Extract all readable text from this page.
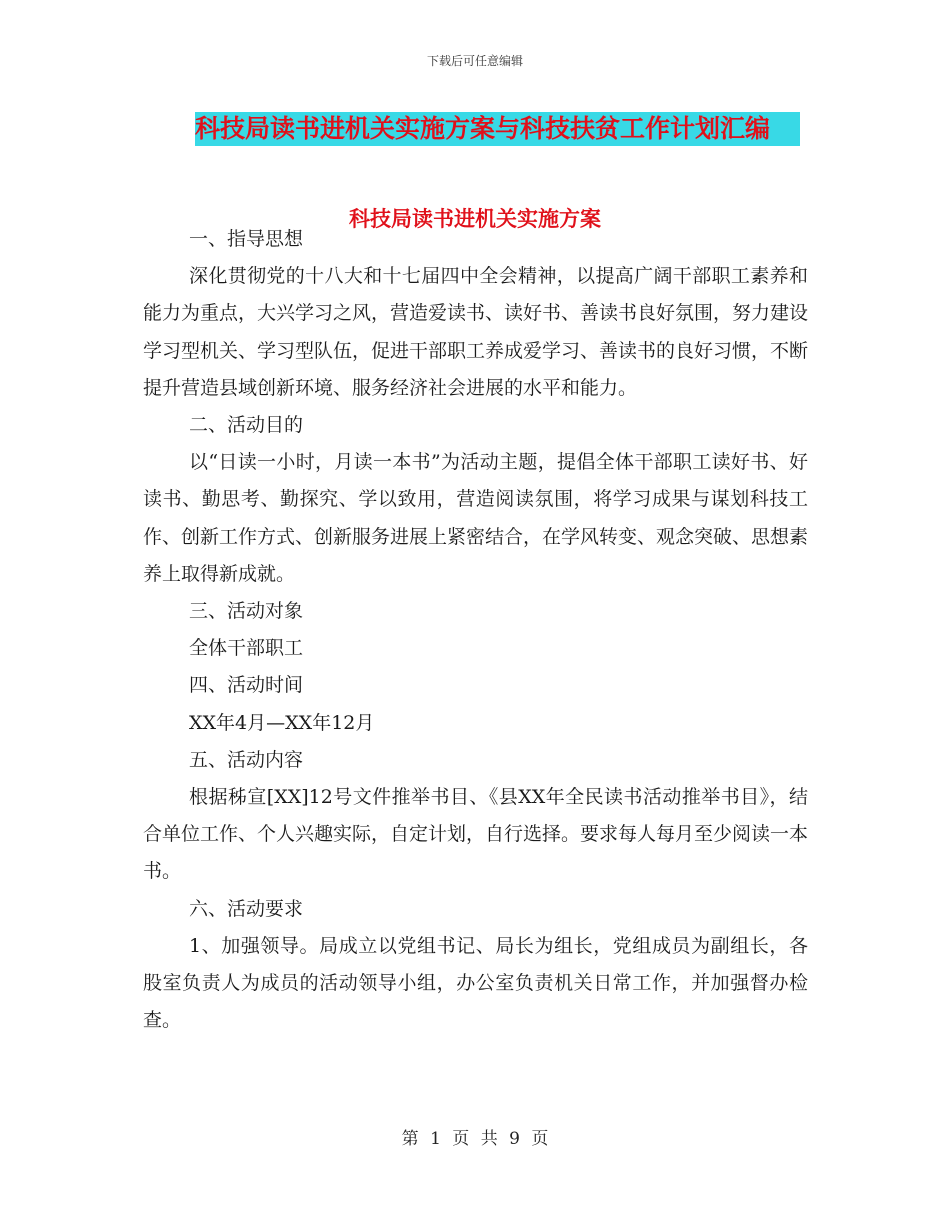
下载后可任意编辑
科技局读书进机关实施方案与科技扶贫工作计划汇编
科技局读书进机关实施方案

一、指导思想

深化贯彻党的十八大和十七届四中全会精神，以提高广阔干部职工素养和能力为重点，大兴学习之风，营造爱读书、读好书、善读书良好氛围，努力建设学习型机关、学习型队伍，促进干部职工养成爱学习、善读书的良好习惯，不断提升营造县域创新环境、服务经济社会进展的水平和能力。

二、活动目的

以“日读一小时，月读一本书”为活动主题，提倡全体干部职工读好书、好读书、勤思考、勤探究、学以致用，营造阅读氛围，将学习成果与谋划科技工作、创新工作方式、创新服务进展上紧密结合，在学风转变、观念突破、思想素养上取得新成就。

三、活动对象

全体干部职工

四、活动时间

XX年4月—XX年12月

五、活动内容

根据秭宣[XX]12号文件推举书目、《县XX年全民读书活动推举书目》，结合单位工作、个人兴趣实际，自定计划，自行选择。要求每人每月至少阅读一本书。

六、活动要求

1、加强领导。局成立以党组书记、局长为组长，党组成员为副组长，各股室负责人为成员的活动领导小组，办公室负责机关日常工作，并加强督办检查。

第 1 页 共 9 页
